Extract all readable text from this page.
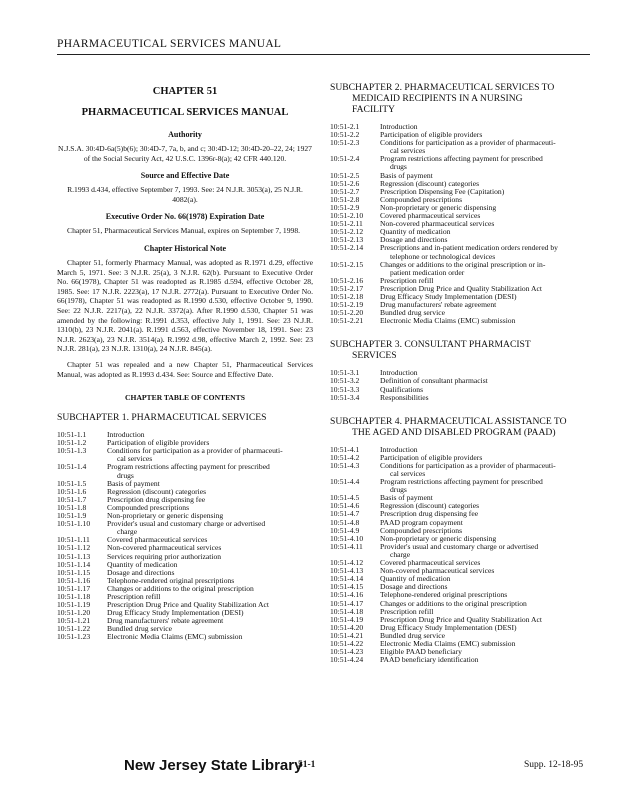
PHARMACEUTICAL SERVICES MANUAL
CHAPTER 51
PHARMACEUTICAL SERVICES MANUAL
Authority

N.J.S.A. 30:4D-6a(5)b(6); 30:4D-7, 7a, b, and c; 30:4D-12; 30:4D-20–22, 24; 1927 of the Social Security Act, 42 U.S.C. 1396r-8(a); 42 CFR 440.120.

Source and Effective Date

R.1993 d.434, effective September 7, 1993. See: 24 N.J.R. 3053(a), 25 N.J.R. 4082(a).

Executive Order No. 66(1978) Expiration Date

Chapter 51, Pharmaceutical Services Manual, expires on September 7, 1998.

Chapter Historical Note

Chapter 51, formerly Pharmacy Manual, was adopted as R.1971 d.29, effective March 5, 1971. See: 3 N.J.R. 25(a), 3 N.J.R. 62(b). Pursuant to Executive Order No. 66(1978), Chapter 51 was readopted as R.1985 d.594, effective October 28, 1985. See: 17 N.J.R. 2223(a), 17 N.J.R. 2772(a). Pursuant to Executive Order No. 66(1978), Chapter 51 was readopted as R.1990 d.530, effective October 9, 1990. See: 22 N.J.R. 2217(a), 22 N.J.R. 3372(a). After R.1990 d.530, Chapter 51 was amended by the following: R.1991 d.353, effective July 1, 1991. See: 23 N.J.R. 1310(b), 23 N.J.R. 2041(a). R.1991 d.563, effective November 18, 1991. See: 23 N.J.R. 2623(a), 23 N.J.R. 3514(a). R.1992 d.98, effective March 2, 1992. See: 23 N.J.R. 281(a), 23 N.J.R. 1310(a), 24 N.J.R. 845(a).

Chapter 51 was repealed and a new Chapter 51, Pharmaceutical Services Manual, was adopted as R.1993 d.434. See: Source and Effective Date.

CHAPTER TABLE OF CONTENTS
SUBCHAPTER 1. PHARMACEUTICAL SERVICES
10:51-1.1	Introduction
10:51-1.2	Participation of eligible providers
10:51-1.3	Conditions for participation as a provider of pharmaceuti-
cal services
10:51-1.4	Program restrictions affecting payment for prescribed
drugs
10:51-1.5	Basis of payment
10:51-1.6	Regression (discount) categories
10:51-1.7	Prescription drug dispensing fee
10:51-1.8	Compounded prescriptions
10:51-1.9	Non-proprietary or generic dispensing
10:51-1.10	Provider's usual and customary charge or advertised
charge
10:51-1.11	Covered pharmaceutical services
10:51-1.12	Non-covered pharmaceutical services
10:51-1.13	Services requiring prior authorization
10:51-1.14	Quantity of medication
10:51-1.15	Dosage and directions
10:51-1.16	Telephone-rendered original prescriptions
10:51-1.17	Changes or additions to the original prescription
10:51-1.18	Prescription refill
10:51-1.19	Prescription Drug Price and Quality Stabilization Act
10:51-1.20	Drug Efficacy Study Implementation (DESI)
10:51-1.21	Drug manufacturers' rebate agreement
10:51-1.22	Bundled drug service
10:51-1.23	Electronic Media Claims (EMC) submission
SUBCHAPTER 2. PHARMACEUTICAL SERVICES TO
MEDICAID RECIPIENTS IN A NURSING
FACILITY
10:51-2.1	Introduction
10:51-2.2	Participation of eligible providers
10:51-2.3	Conditions for participation as a provider of pharmaceuti-
cal services
10:51-2.4	Program restrictions affecting payment for prescribed
drugs
10:51-2.5	Basis of payment
10:51-2.6	Regression (discount) categories
10:51-2.7	Prescription Dispensing Fee (Capitation)
10:51-2.8	Compounded prescriptions
10:51-2.9	Non-proprietary or generic dispensing
10:51-2.10	Covered pharmaceutical services
10:51-2.11	Non-covered pharmaceutical services
10:51-2.12	Quantity of medication
10:51-2.13	Dosage and directions
10:51-2.14	Prescriptions and in-patient medication orders rendered by
telephone or technological devices
10:51-2.15	Changes or additions to the original prescription or in-
patient medication order
10:51-2.16	Prescription refill
10:51-2.17	Prescription Drug Price and Quality Stabilization Act
10:51-2.18	Drug Efficacy Study Implementation (DESI)
10:51-2.19	Drug manufacturers' rebate agreement
10:51-2.20	Bundled drug service
10:51-2.21	Electronic Media Claims (EMC) submission
SUBCHAPTER 3. CONSULTANT PHARMACIST
SERVICES
10:51-3.1	Introduction
10:51-3.2	Definition of consultant pharmacist
10:51-3.3	Qualifications
10:51-3.4	Responsibilities
SUBCHAPTER 4. PHARMACEUTICAL ASSISTANCE TO
THE AGED AND DISABLED PROGRAM (PAAD)
10:51-4.1	Introduction
10:51-4.2	Participation of eligible providers
10:51-4.3	Conditions for participation as a provider of pharmaceuti-
cal services
10:51-4.4	Program restrictions affecting payment for prescribed
drugs
10:51-4.5	Basis of payment
10:51-4.6	Regression (discount) categories
10:51-4.7	Prescription drug dispensing fee
10:51-4.8	PAAD program copayment
10:51-4.9	Compounded prescriptions
10:51-4.10	Non-proprietary or generic dispensing
10:51-4.11	Provider's usual and customary charge or advertised
charge
10:51-4.12	Covered pharmaceutical services
10:51-4.13	Non-covered pharmaceutical services
10:51-4.14	Quantity of medication
10:51-4.15	Dosage and directions
10:51-4.16	Telephone-rendered original prescriptions
10:51-4.17	Changes or additions to the original prescription
10:51-4.18	Prescription refill
10:51-4.19	Prescription Drug Price and Quality Stabilization Act
10:51-4.20	Drug Efficacy Study Implementation (DESI)
10:51-4.21	Bundled drug service
10:51-4.22	Electronic Media Claims (EMC) submission
10:51-4.23	Eligible PAAD beneficiary
10:51-4.24	PAAD beneficiary identification
New Jersey State Library
51-1	Supp. 12-18-95
